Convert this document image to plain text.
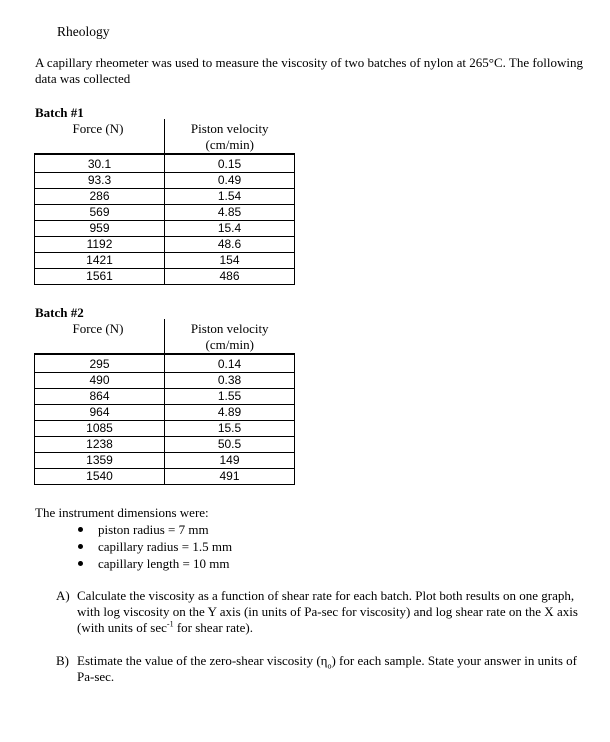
Rheology
A capillary rheometer was used to measure the viscosity of two batches of nylon at 265°C. The following data was collected
Batch #1
Force (N)	Piston velocity
(cm/min)
30.1	0.15
93.3	0.49
286	1.54
569	4.85
959	15.4
1192	48.6
1421	154
1561	486
Batch #2
Force (N)	Piston velocity
(cm/min)
295	0.14
490	0.38
864	1.55
964	4.89
1085	15.5
1238	50.5
1359	149
1540	491
The instrument dimensions were:
piston radius = 7 mm
capillary radius = 1.5 mm
capillary length = 10 mm
A) Calculate the viscosity as a function of shear rate for each batch. Plot both results on one graph, with log viscosity on the Y axis (in units of Pa-sec for viscosity) and log shear rate on the X axis (with units of $\sec^{-1}$ for shear rate).
B) Estimate the value of the zero-shear viscosity $(\eta_o)$ for each sample. State your answer in units of Pa-sec.
